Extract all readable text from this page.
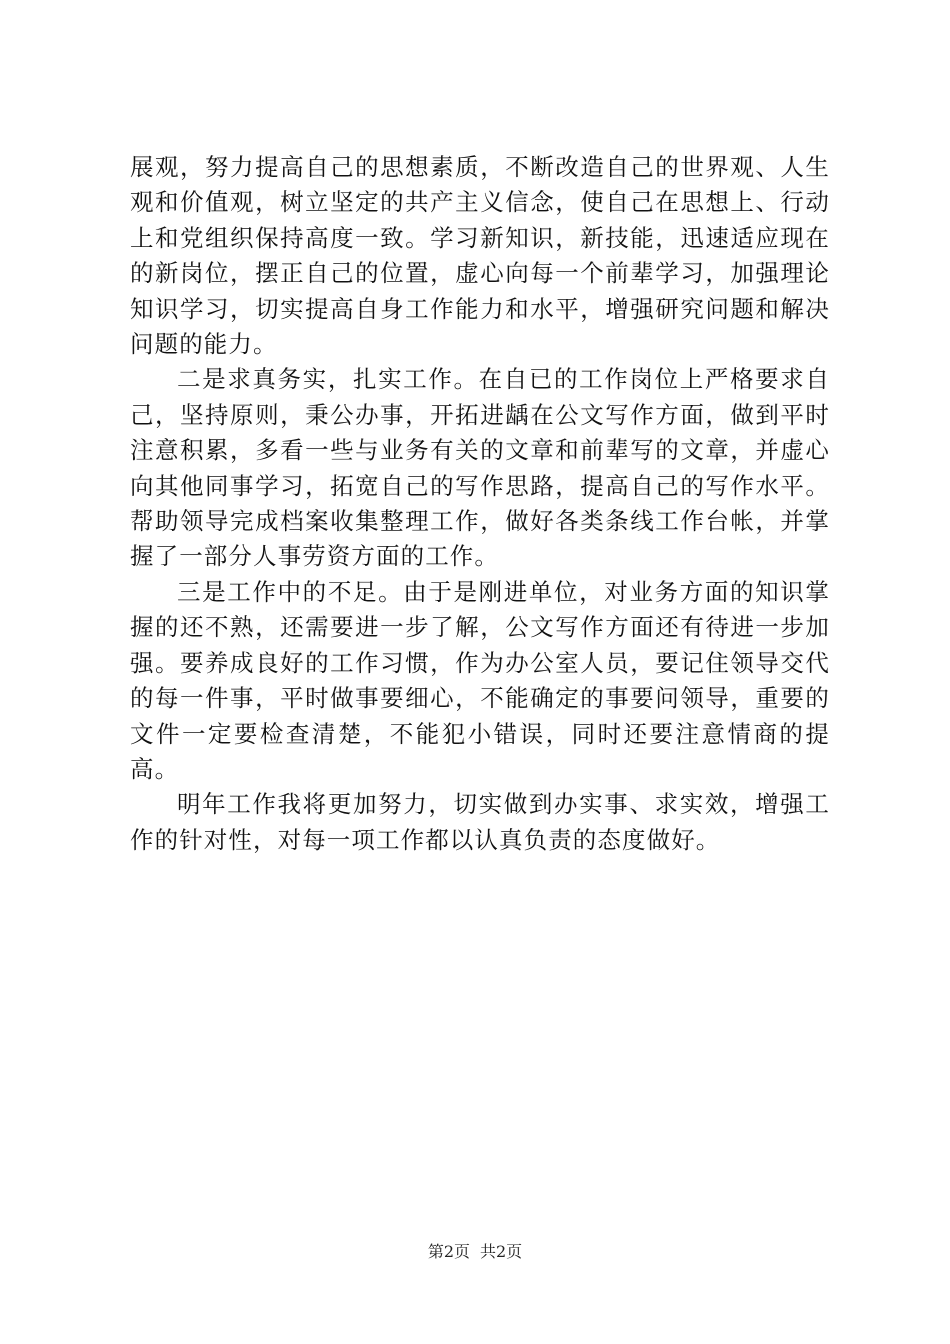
展观，努力提高自己的思想素质，不断改造自己的世界观、人生观和价值观，树立坚定的共产主义信念，使自己在思想上、行动上和党组织保持高度一致。学习新知识，新技能，迅速适应现在的新岗位，摆正自己的位置，虚心向每一个前辈学习，加强理论知识学习，切实提高自身工作能力和水平，增强研究问题和解决问题的能力。

二是求真务实，扎实工作。在自已的工作岗位上严格要求自己，坚持原则，秉公办事，开拓进龋在公文写作方面，做到平时注意积累，多看一些与业务有关的文章和前辈写的文章，并虚心向其他同事学习，拓宽自己的写作思路，提高自己的写作水平。帮助领导完成档案收集整理工作，做好各类条线工作台帐，并掌握了一部分人事劳资方面的工作。

三是工作中的不足。由于是刚进单位，对业务方面的知识掌握的还不熟，还需要进一步了解，公文写作方面还有待进一步加强。要养成良好的工作习惯，作为办公室人员，要记住领导交代的每一件事，平时做事要细心，不能确定的事要问领导，重要的文件一定要检查清楚，不能犯小错误，同时还要注意情商的提高。

明年工作我将更加努力，切实做到办实事、求实效，增强工作的针对性，对每一项工作都以认真负责的态度做好。

第2页 共2页
